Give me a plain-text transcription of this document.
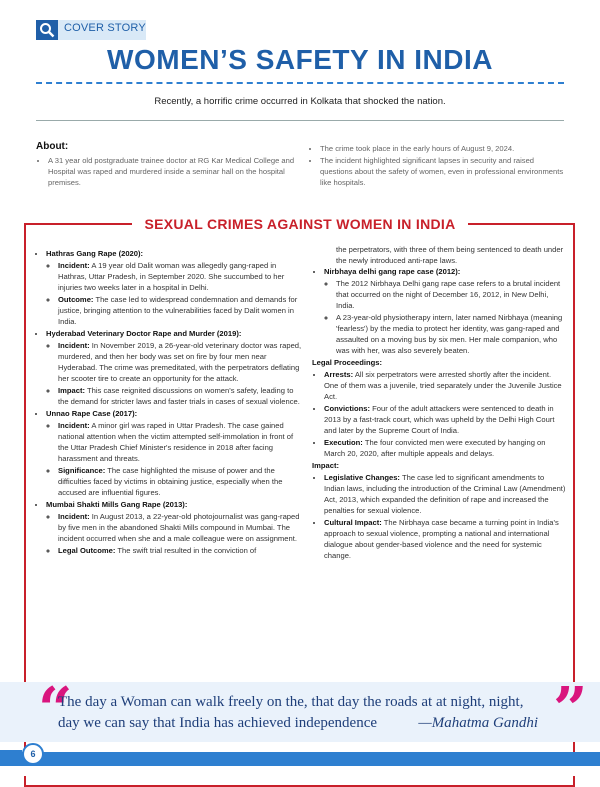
COVER STORY
WOMEN’S SAFETY IN INDIA
Recently, a horrific crime occurred in Kolkata that shocked the nation.
About:
• A 31 year old postgraduate trainee doctor at RG Kar Medical College and Hospital was raped and murdered inside a seminar hall on the hospital premises.
• The crime took place in the early hours of August 9, 2024.
• The incident highlighted significant lapses in security and raised questions about the safety of women, even in professional environments like hospitals.
SEXUAL CRIMES AGAINST WOMEN IN INDIA
• Hathras Gang Rape (2020):
◦ Incident: A 19 year old Dalit woman was allegedly gang-raped in Hathras, Uttar Pradesh, in September 2020. She succumbed to her injuries two weeks later in a hospital in Delhi.
◦ Outcome: The case led to widespread condemnation and demands for justice, bringing attention to the vulnerabilities faced by Dalit women in India.
• Hyderabad Veterinary Doctor Rape and Murder (2019):
◦ Incident: In November 2019, a 26-year-old veterinary doctor was raped, murdered, and then her body was set on fire by four men near Hyderabad. The crime was premeditated, with the perpetrators deflating her scooter tire to create an opportunity for the attack.
◦ Impact: This case reignited discussions on women's safety, leading to the demand for stricter laws and faster trials in cases of sexual violence.
• Unnao Rape Case (2017):
◦ Incident: A minor girl was raped in Uttar Pradesh. The case gained national attention when the victim attempted self-immolation in front of the Uttar Pradesh Chief Minister's residence in 2018 after facing harassment and threats.
◦ Significance: The case highlighted the misuse of power and the difficulties faced by victims in obtaining justice, especially when the accused are influential figures.
• Mumbai Shakti Mills Gang Rape (2013):
◦ Incident: In August 2013, a 22-year-old photojournalist was gang-raped by five men in the abandoned Shakti Mills compound in Mumbai. The incident occurred when she and a male colleague were on assignment.
◦ Legal Outcome: The swift trial resulted in the conviction of
the perpetrators, with three of them being sentenced to death under the newly introduced anti-rape laws.
• Nirbhaya delhi gang rape case (2012):
◦ The 2012 Nirbhaya Delhi gang rape case refers to a brutal incident that occurred on the night of December 16, 2012, in New Delhi, India.
◦ A 23-year-old physiotherapy intern, later named Nirbhaya (meaning 'fearless') by the media to protect her identity, was gang-raped and assaulted on a moving bus by six men. Her male companion, who was with her, was also severely beaten.
Legal Proceedings:
• Arrests: All six perpetrators were arrested shortly after the incident. One of them was a juvenile, tried separately under the Juvenile Justice Act.
• Convictions: Four of the adult attackers were sentenced to death in 2013 by a fast-track court, which was upheld by the Delhi High Court and later by the Supreme Court of India.
• Execution: The four convicted men were executed by hanging on March 20, 2020, after multiple appeals and delays.
Impact:
• Legislative Changes: The case led to significant amendments to Indian laws, including the introduction of the Criminal Law (Amendment) Act, 2013, which expanded the definition of rape and increased the penalties for sexual violence.
• Cultural Impact: The Nirbhaya case became a turning point in India's approach to sexual violence, prompting a national and international dialogue about gender-based violence and the need for systemic change.
“	”
The day a Woman can walk freely on the, that day the roads at at night, night,
day we can say that India has achieved independence	—Mahatma Gandhi
6
